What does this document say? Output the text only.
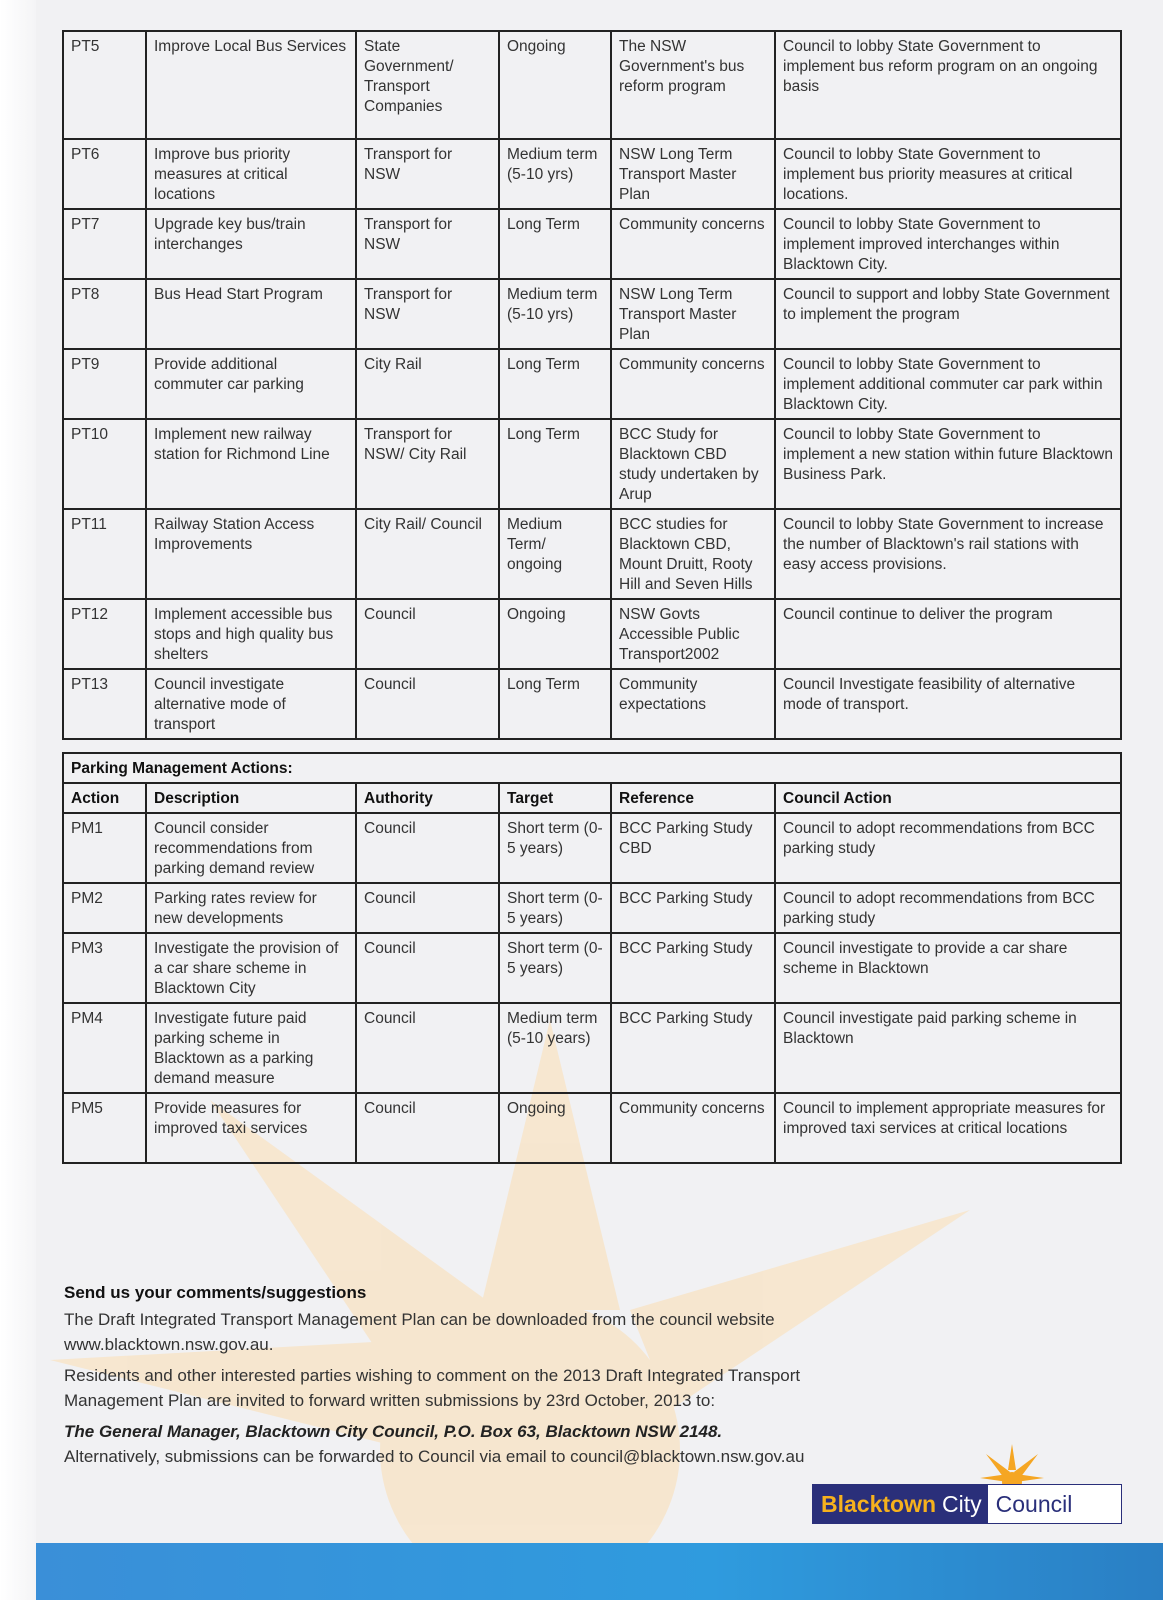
PT5	Improve Local Bus Services	State Government/ Transport Companies	Ongoing	The NSW Government's bus reform program	Council to lobby State Government to implement bus reform program on an ongoing basis
PT6	Improve bus priority measures at critical locations	Transport for NSW	Medium term (5-10 yrs)	NSW Long Term Transport Master Plan	Council to lobby State Government to implement bus priority measures at critical locations.
PT7	Upgrade key bus/train interchanges	Transport for NSW	Long Term	Community concerns	Council to lobby State Government to implement improved interchanges within Blacktown City.
PT8	Bus Head Start Program	Transport for NSW	Medium term (5-10 yrs)	NSW Long Term Transport Master Plan	Council to support and lobby State Government to implement the program
PT9	Provide additional commuter car parking	City Rail	Long Term	Community concerns	Council to lobby State Government to implement additional commuter car park within Blacktown City.
PT10	Implement new railway station for Richmond Line	Transport for NSW/ City Rail	Long Term	BCC Study for Blacktown CBD study undertaken by Arup	Council to lobby State Government to implement a new station within future Blacktown Business Park.
PT11	Railway Station Access Improvements	City Rail/ Council	Medium Term/ ongoing	BCC studies for Blacktown CBD, Mount Druitt, Rooty Hill and Seven Hills	Council to lobby State Government to increase the number of Blacktown's rail stations with easy access provisions.
PT12	Implement accessible bus stops and high quality bus shelters	Council	Ongoing	NSW Govts Accessible Public Transport2002	Council continue to deliver the program
PT13	Council investigate alternative mode of transport	Council	Long Term	Community expectations	Council Investigate feasibility of alternative mode of transport.
Parking Management Actions:					
Action	Description	Authority	Target	Reference	Council Action
PM1	Council consider recommendations from parking demand review	Council	Short term (0-5 years)	BCC Parking Study CBD	Council to adopt recommendations from BCC parking study
PM2	Parking rates review for new developments	Council	Short term (0-5 years)	BCC Parking Study	Council to adopt recommendations from BCC parking study
PM3	Investigate the provision of a car share scheme in Blacktown City	Council	Short term (0-5 years)	BCC Parking Study	Council investigate to provide a car share scheme in Blacktown
PM4	Investigate future paid parking scheme in Blacktown as a parking demand measure	Council	Medium term (5-10 years)	BCC Parking Study	Council investigate paid parking scheme in Blacktown
PM5	Provide measures for improved taxi services	Council	Ongoing	Community concerns	Council to implement appropriate measures for improved taxi services at critical locations
Send us your comments/suggestions

The Draft Integrated Transport Management Plan can be downloaded from the council website www.blacktown.nsw.gov.au.

Residents and other interested parties wishing to comment on the 2013 Draft Integrated Transport Management Plan are invited to forward written submissions by 23rd October, 2013 to:

The General Manager, Blacktown City Council, P.O. Box 63, Blacktown NSW 2148.

Alternatively, submissions can be forwarded to Council via email to council@blacktown.nsw.gov.au

Blacktown City Council
